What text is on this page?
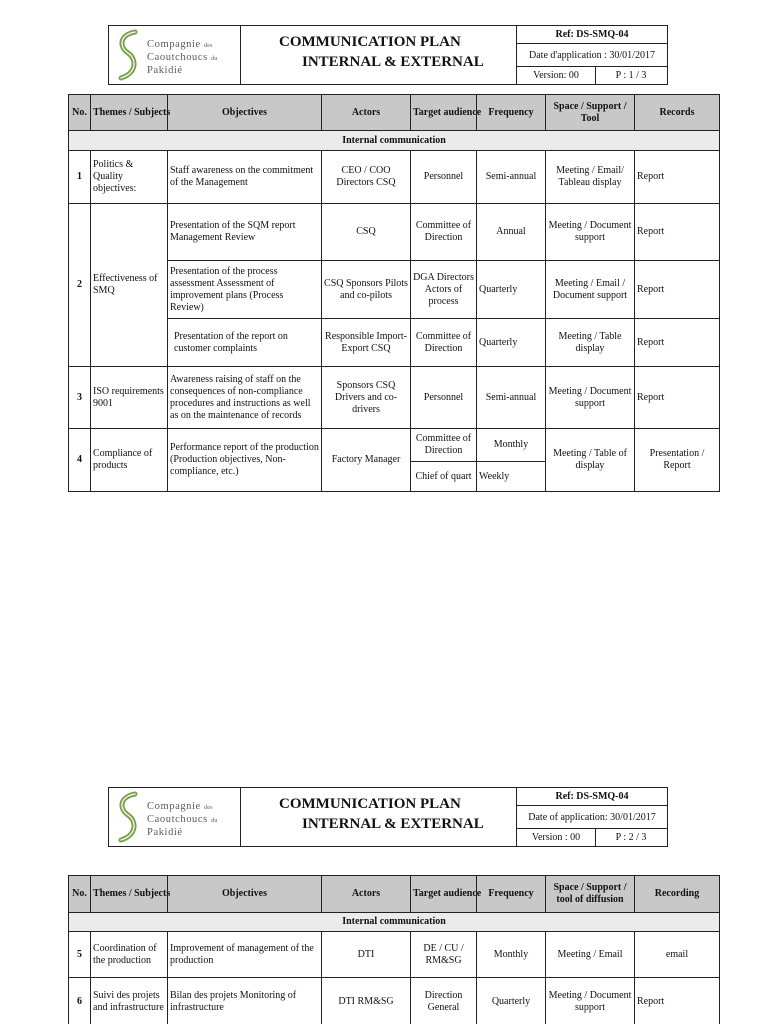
Compagnie des
Caoutchoucs du
Pakidié
COMMUNICATION PLAN
INTERNAL & EXTERNAL
Ref: DS-SMQ-04
Date d'application : 30/01/2017
Version: 00	P : 1 / 3
No.	Themes / Subjects	Objectives	Actors	Target audience	Frequency	Space / Support / Tool	Records
Internal communication							
1	Politics & Quality objectives:	Staff awareness on the commitment of the Management	CEO / COO Directors CSQ	Personnel	Semi-annual	Meeting / Email/ Tableau display	Report
2	Effectiveness of SMQ	Presentation of the SQM report Management Review	CSQ	Committee of Direction	Annual	Meeting / Document support	Report
		Presentation of the process assessment Assessment of improvement plans (Process Review)	CSQ Sponsors Pilots and co-pilots	DGA Directors Actors of process	Quarterly	Meeting / Email / Document support	Report
		Presentation of the report on customer complaints	Responsible Import-Export CSQ	Committee of Direction	Quarterly	Meeting / Table display	Report
3	ISO requirements 9001	Awareness raising of staff on the consequences of non-compliance procedures and instructions as well as on the maintenance of records	Sponsors CSQ Drivers and co-drivers	Personnel	Semi-annual	Meeting / Document support	Report
4	Compliance of products	Performance report of the production (Production objectives, Non-compliance, etc.)	Factory Manager	Committee of Direction	Monthly	Meeting / Table of display	Presentation / Report
				Chief of quart	Weekly		
Compagnie des
Caoutchoucs du
Pakidié
COMMUNICATION PLAN
INTERNAL & EXTERNAL
Ref: DS-SMQ-04
Date of application: 30/01/2017
Version : 00	P : 2 / 3
No.	Themes / Subjects	Objectives	Actors	Target audience	Frequency	Space / Support / tool of diffusion	Recording
Internal communication							
5	Coordination of the production	Improvement of management of the production	DTI	DE / CU / RM&SG	Monthly	Meeting / Email	email
6	Suivi des projets and infrastructure	Bilan des projets Monitoring of infrastructure	DTI RM&SG	Direction General	Quarterly	Meeting / Document support	Report
